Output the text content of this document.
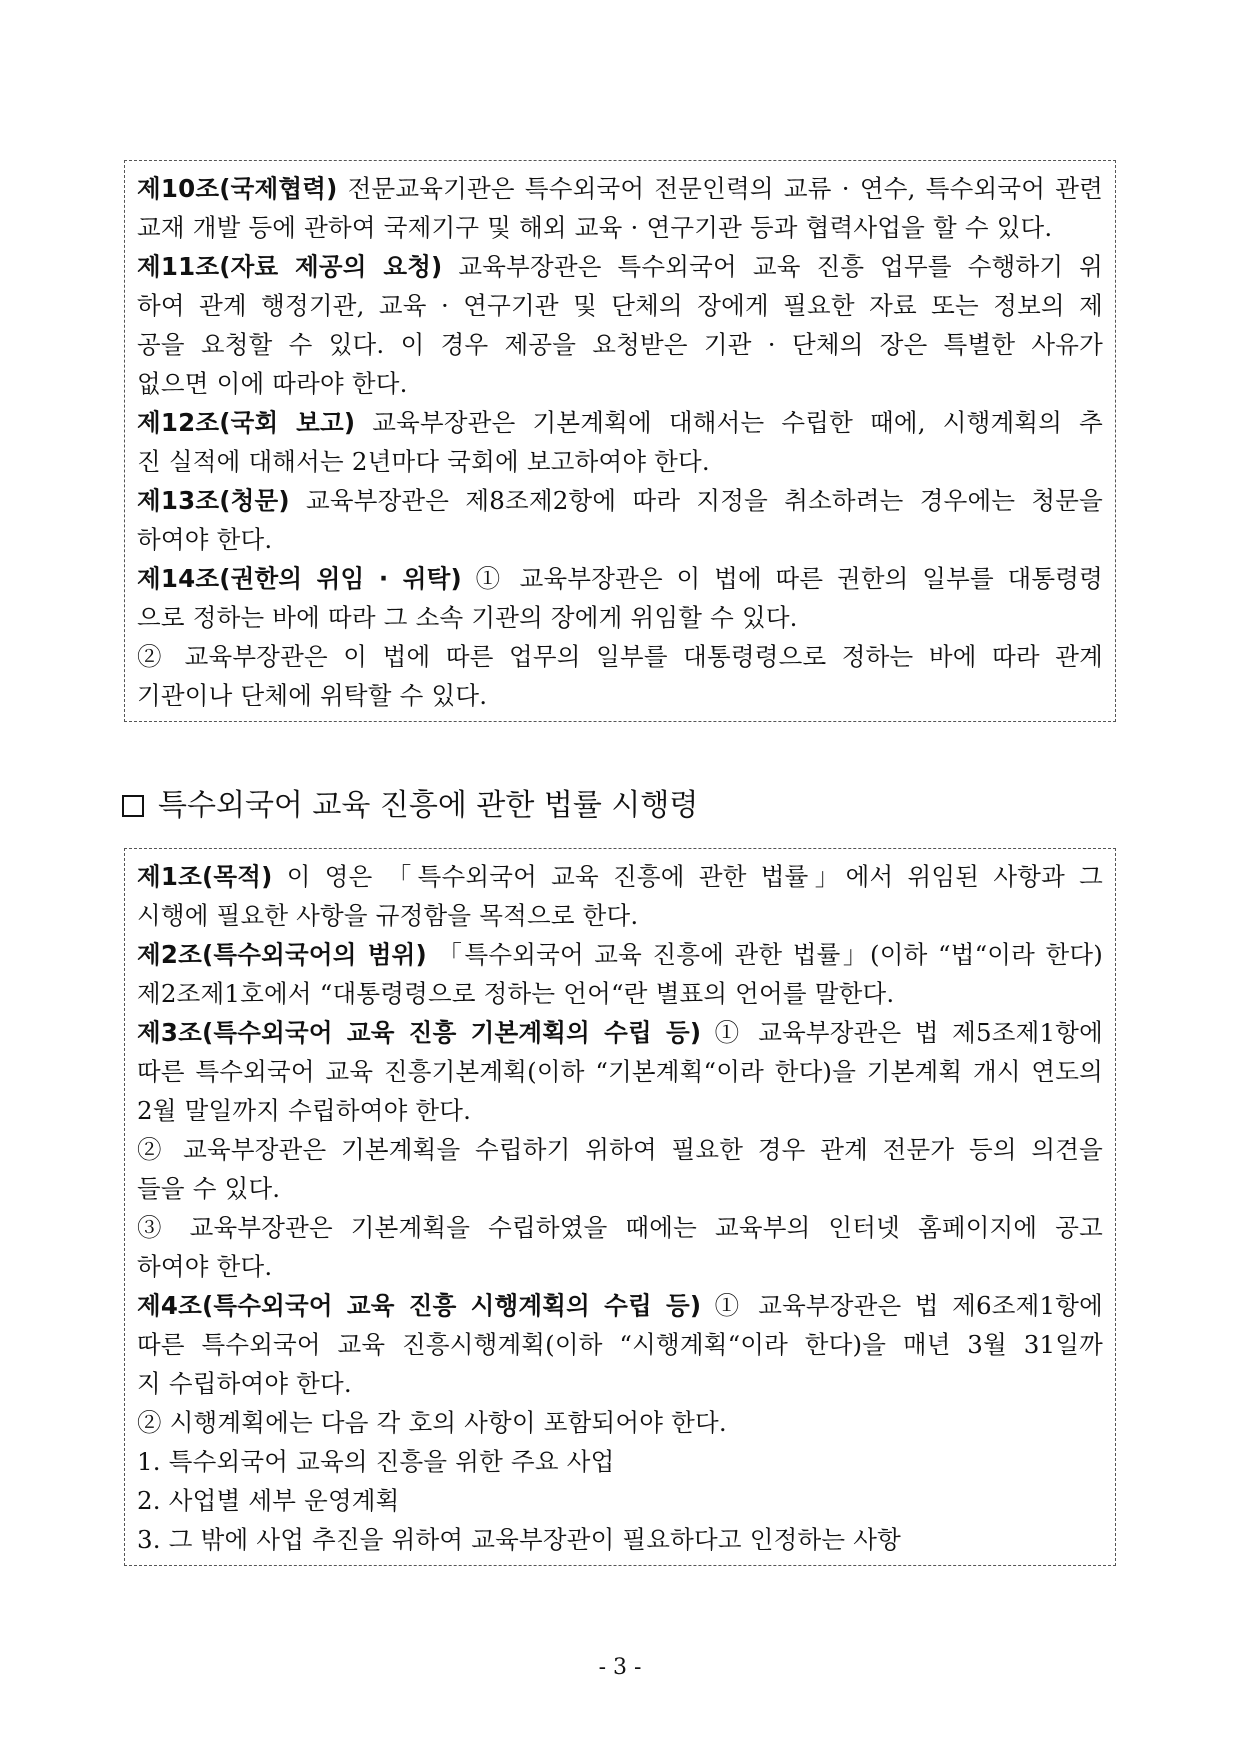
제10조(국제협력) 전문교육기관은 특수외국어 전문인력의 교류 · 연수, 특수외국어 관련
교재 개발 등에 관하여 국제기구 및 해외 교육 · 연구기관 등과 협력사업을 할 수 있다.
제11조(자료 제공의 요청) 교육부장관은 특수외국어 교육 진흥 업무를 수행하기 위
하여 관계 행정기관, 교육 · 연구기관 및 단체의 장에게 필요한 자료 또는 정보의 제
공을 요청할 수 있다. 이 경우 제공을 요청받은 기관 · 단체의 장은 특별한 사유가
없으면 이에 따라야 한다.
제12조(국회 보고) 교육부장관은 기본계획에 대해서는 수립한 때에, 시행계획의 추
진 실적에 대해서는 2년마다 국회에 보고하여야 한다.
제13조(청문) 교육부장관은 제8조제2항에 따라 지정을 취소하려는 경우에는 청문을
하여야 한다.
제14조(권한의 위임 · 위탁) ① 교육부장관은 이 법에 따른 권한의 일부를 대통령령
으로 정하는 바에 따라 그 소속 기관의 장에게 위임할 수 있다.
② 교육부장관은 이 법에 따른 업무의 일부를 대통령령으로 정하는 바에 따라 관계
기관이나 단체에 위탁할 수 있다.
특수외국어 교육 진흥에 관한 법률 시행령
제1조(목적) 이 영은 「특수외국어 교육 진흥에 관한 법률」에서 위임된 사항과 그
시행에 필요한 사항을 규정함을 목적으로 한다.
제2조(특수외국어의 범위) 「특수외국어 교육 진흥에 관한 법률」(이하 “법“이라 한다)
제2조제1호에서 “대통령령으로 정하는 언어“란 별표의 언어를 말한다.
제3조(특수외국어 교육 진흥 기본계획의 수립 등) ① 교육부장관은 법 제5조제1항에
따른 특수외국어 교육 진흥기본계획(이하 “기본계획“이라 한다)을 기본계획 개시 연도의
2월 말일까지 수립하여야 한다.
② 교육부장관은 기본계획을 수립하기 위하여 필요한 경우 관계 전문가 등의 의견을
들을 수 있다.
③ 교육부장관은 기본계획을 수립하였을 때에는 교육부의 인터넷 홈페이지에 공고
하여야 한다.
제4조(특수외국어 교육 진흥 시행계획의 수립 등) ① 교육부장관은 법 제6조제1항에
따른 특수외국어 교육 진흥시행계획(이하 “시행계획“이라 한다)을 매년 3월 31일까
지 수립하여야 한다.
② 시행계획에는 다음 각 호의 사항이 포함되어야 한다.
1. 특수외국어 교육의 진흥을 위한 주요 사업
2. 사업별 세부 운영계획
3. 그 밖에 사업 추진을 위하여 교육부장관이 필요하다고 인정하는 사항
- 3 -
